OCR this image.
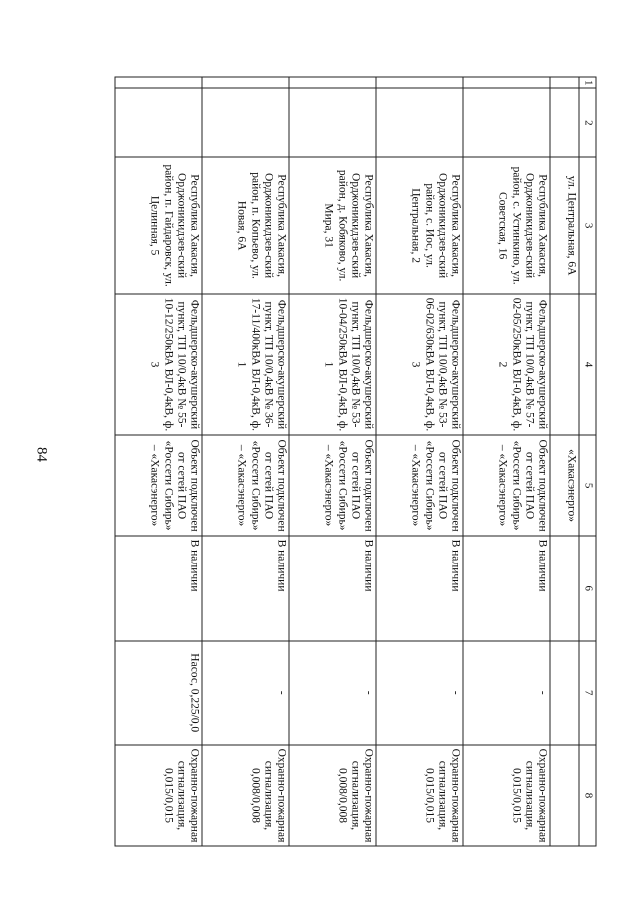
84
1	2	3	4	5	6	7	8
		ул. Центральная, 6А		«Хакасэнерго»			
		Республика Хакасия, Орджоникидзев-ский район, с. Устинкино, ул. Советская, 16	Фельдшерско-акушерский пункт, ТП 10/0,4кВ № 57-02-05/250кВА ВЛ-0,4кВ, ф. 2	Объект подключен от сетей ПАО «Россети Сибирь» – «Хакасэнерго»	В наличии	-	Охранно-пожарная сигнализация, 0,015/0,015
		Республика Хакасия, Орджоникидзев-ский район, с. Иос, ул. Центральная, 2	Фельдшерско-акушерский пункт, ТП 10/0,4кВ № 53-06-02/630кВА ВЛ-0,4кВ, ф. 3	Объект подключен от сетей ПАО «Россети Сибирь» – «Хакасэнерго»	В наличии	-	Охранно-пожарная сигнализация, 0,015/0,015
		Республика Хакасия, Орджоникидзев-ский район, д. Кобяково, ул. Мира, 31	Фельдшерско-акушерский пункт, ТП 10/0,4кВ № 53-10-04/250кВА ВЛ-0,4кВ, ф. 1	Объект подключен от сетей ПАО «Россети Сибирь» – «Хакасэнерго»	В наличии	-	Охранно-пожарная сигнализация, 0,008/0,008
		Республика Хакасия, Орджоникидзев-ский район, п. Копьево, ул. Новая, 6А	Фельдшерско-акушерский пункт, ТП 10/0,4кВ № 36-17-11/400кВА ВЛ-0,4кВ, ф. 1	Объект подключен от сетей ПАО «Россети Сибирь» – «Хакасэнерго»	В наличии	-	Охранно-пожарная сигнализация, 0,008/0,008
		Республика Хакасия, Орджоникидзев-ский район, п. Гайдаровск, ул. Целинная, 5	Фельдшерско-акушерский пункт, ТП 10/0,4кВ № 55-10-12/250кВА ВЛ-0,4кВ, ф. 3	Объект подключен от сетей ПАО «Россети Сибирь» – «Хакасэнерго»	В наличии	Насос, 0,225/0,0	Охранно-пожарная сигнализация, 0,015/0,015
